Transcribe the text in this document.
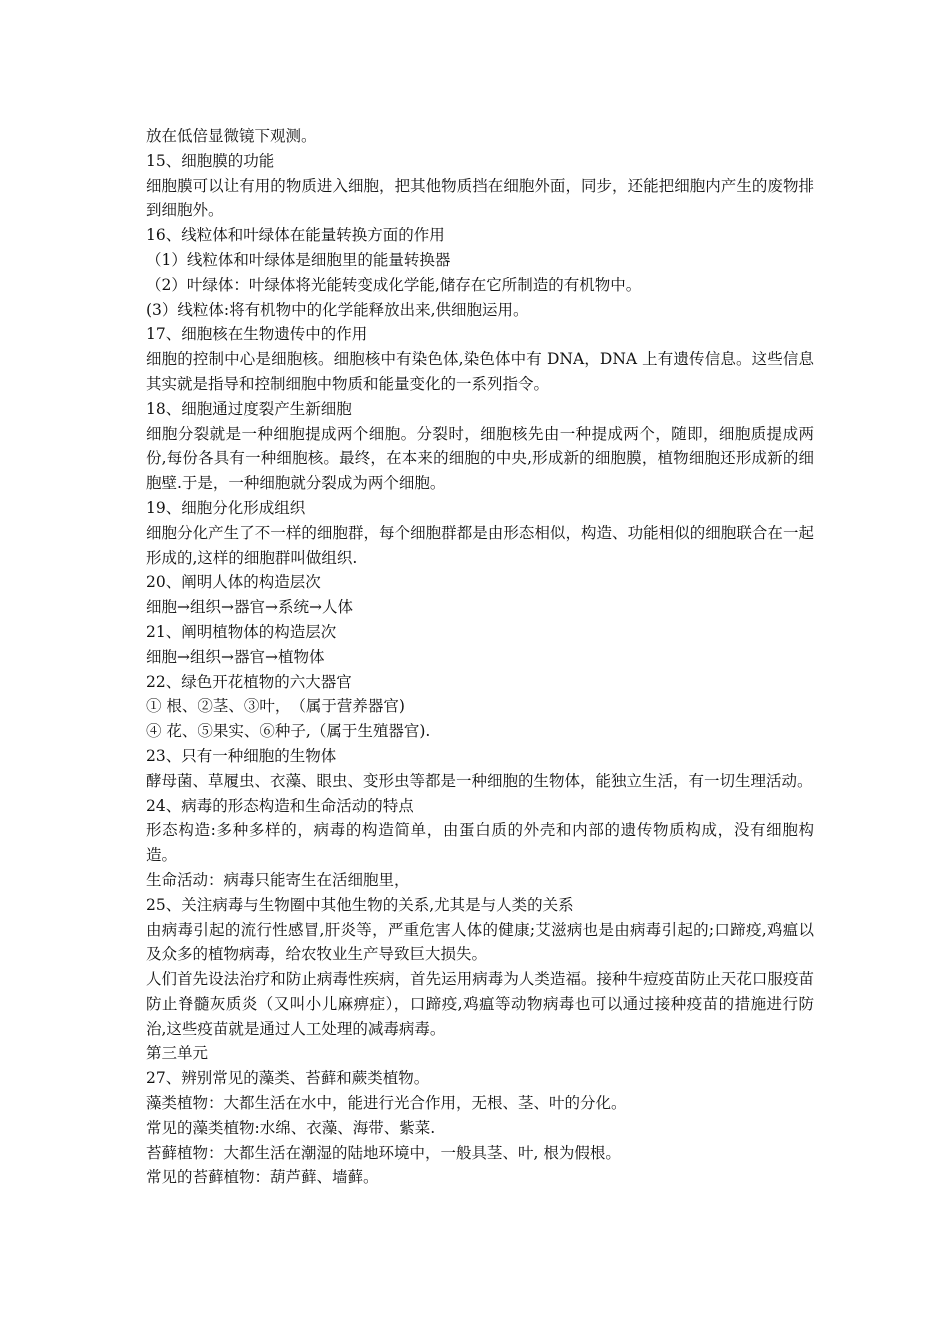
放在低倍显微镜下观测。
15、细胞膜的功能
细胞膜可以让有用的物质进入细胞，把其他物质挡在细胞外面，同步，还能把细胞内产生的废物排到细胞外。
16、线粒体和叶绿体在能量转换方面的作用
（1）线粒体和叶绿体是细胞里的能量转换器
（2）叶绿体：叶绿体将光能转变成化学能,储存在它所制造的有机物中。
(3）线粒体:将有机物中的化学能释放出来,供细胞运用。
17、细胞核在生物遗传中的作用
细胞的控制中心是细胞核。细胞核中有染色体,染色体中有 DNA，DNA 上有遗传信息。这些信息其实就是指导和控制细胞中物质和能量变化的一系列指令。
18、细胞通过度裂产生新细胞
细胞分裂就是一种细胞提成两个细胞。分裂时，细胞核先由一种提成两个，随即，细胞质提成两份,每份各具有一种细胞核。最终，在本来的细胞的中央,形成新的细胞膜，植物细胞还形成新的细胞壁.于是，一种细胞就分裂成为两个细胞。
19、细胞分化形成组织
细胞分化产生了不一样的细胞群，每个细胞群都是由形态相似，构造、功能相似的细胞联合在一起形成的,这样的细胞群叫做组织.
20、阐明人体的构造层次
细胞→组织→器官→系统→人体
21、阐明植物体的构造层次
细胞→组织→器官→植物体
22、绿色开花植物的六大器官
① 根、②茎、③叶，　（属于营养器官)
④ 花、⑤果实、⑥种子,（属于生殖器官).
23、只有一种细胞的生物体
酵母菌、草履虫、衣藻、眼虫、变形虫等都是一种细胞的生物体，能独立生活，有一切生理活动。
24、病毒的形态构造和生命活动的特点
形态构造:多种多样的，病毒的构造简单，由蛋白质的外壳和内部的遗传物质构成，没有细胞构造。
生命活动：病毒只能寄生在活细胞里，
25、关注病毒与生物圈中其他生物的关系,尤其是与人类的关系
由病毒引起的流行性感冒,肝炎等，严重危害人体的健康;艾滋病也是由病毒引起的;口蹄疫,鸡瘟以及众多的植物病毒，给农牧业生产导致巨大损失。
人们首先设法治疗和防止病毒性疾病，首先运用病毒为人类造福。接种牛痘疫苗防止天花口服疫苗防止脊髓灰质炎（又叫小儿麻痹症），口蹄疫,鸡瘟等动物病毒也可以通过接种疫苗的措施进行防治,这些疫苗就是通过人工处理的减毒病毒。
第三单元
27、辨别常见的藻类、苔藓和蕨类植物。
藻类植物：大都生活在水中，能进行光合作用，无根、茎、叶的分化。
常见的藻类植物:水绵、衣藻、海带、紫菜.
苔藓植物：大都生活在潮湿的陆地环境中，一般具茎、叶, 根为假根。
常见的苔藓植物：葫芦藓、墙藓。
